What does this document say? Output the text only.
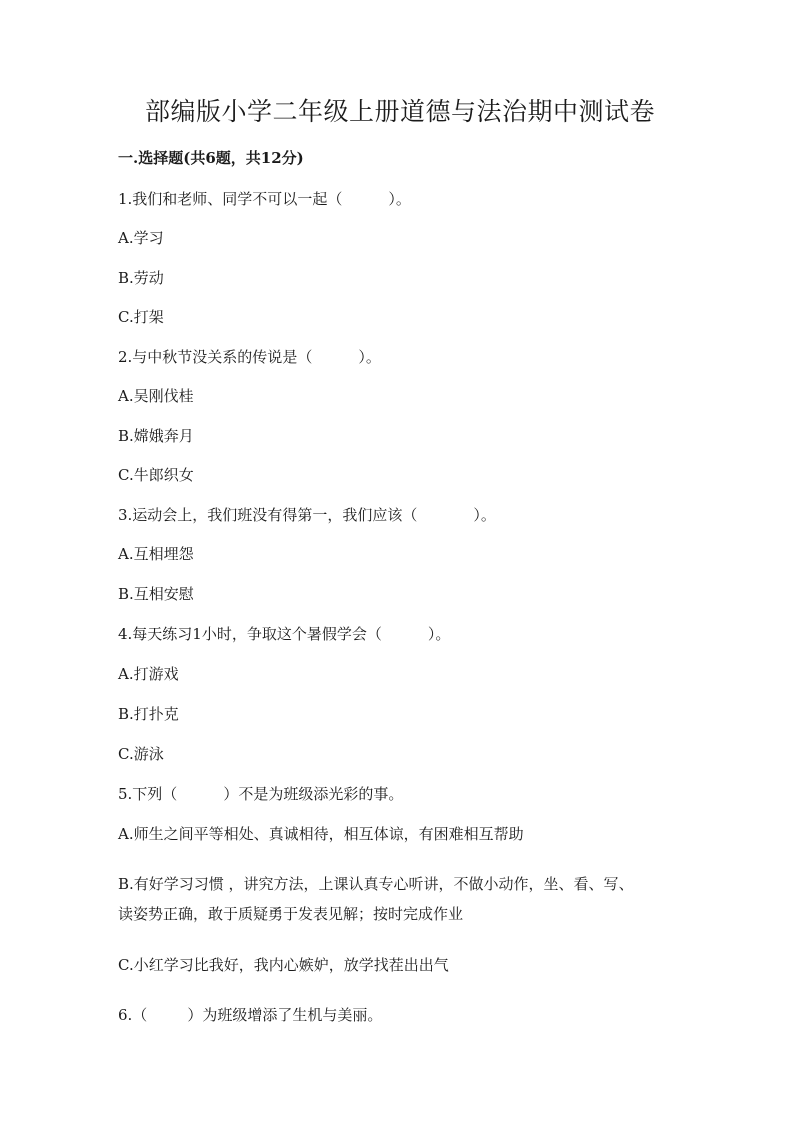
部编版小学二年级上册道德与法治期中测试卷
一.选择题(共6题，共12分)
1.我们和老师、同学不可以一起（	）。
A.学习
B.劳动
C.打架
2.与中秋节没关系的传说是（	）。
A.吴刚伐桂
B.嫦娥奔月
C.牛郎织女
3.运动会上，我们班没有得第一，我们应该（	）。
A.互相埋怨
B.互相安慰
4.每天练习1小时，争取这个暑假学会（	）。
A.打游戏
B.打扑克
C.游泳
5.下列（	）不是为班级添光彩的事。
A.师生之间平等相处、真诚相待，相互体谅，有困难相互帮助
B.有好学习习惯 ，讲究方法，上课认真专心听讲，不做小动作，坐、看、写、
读姿势正确，敢于质疑勇于发表见解；按时完成作业
C.小红学习比我好，我内心嫉妒，放学找茬出出气
6.（	）为班级增添了生机与美丽。
